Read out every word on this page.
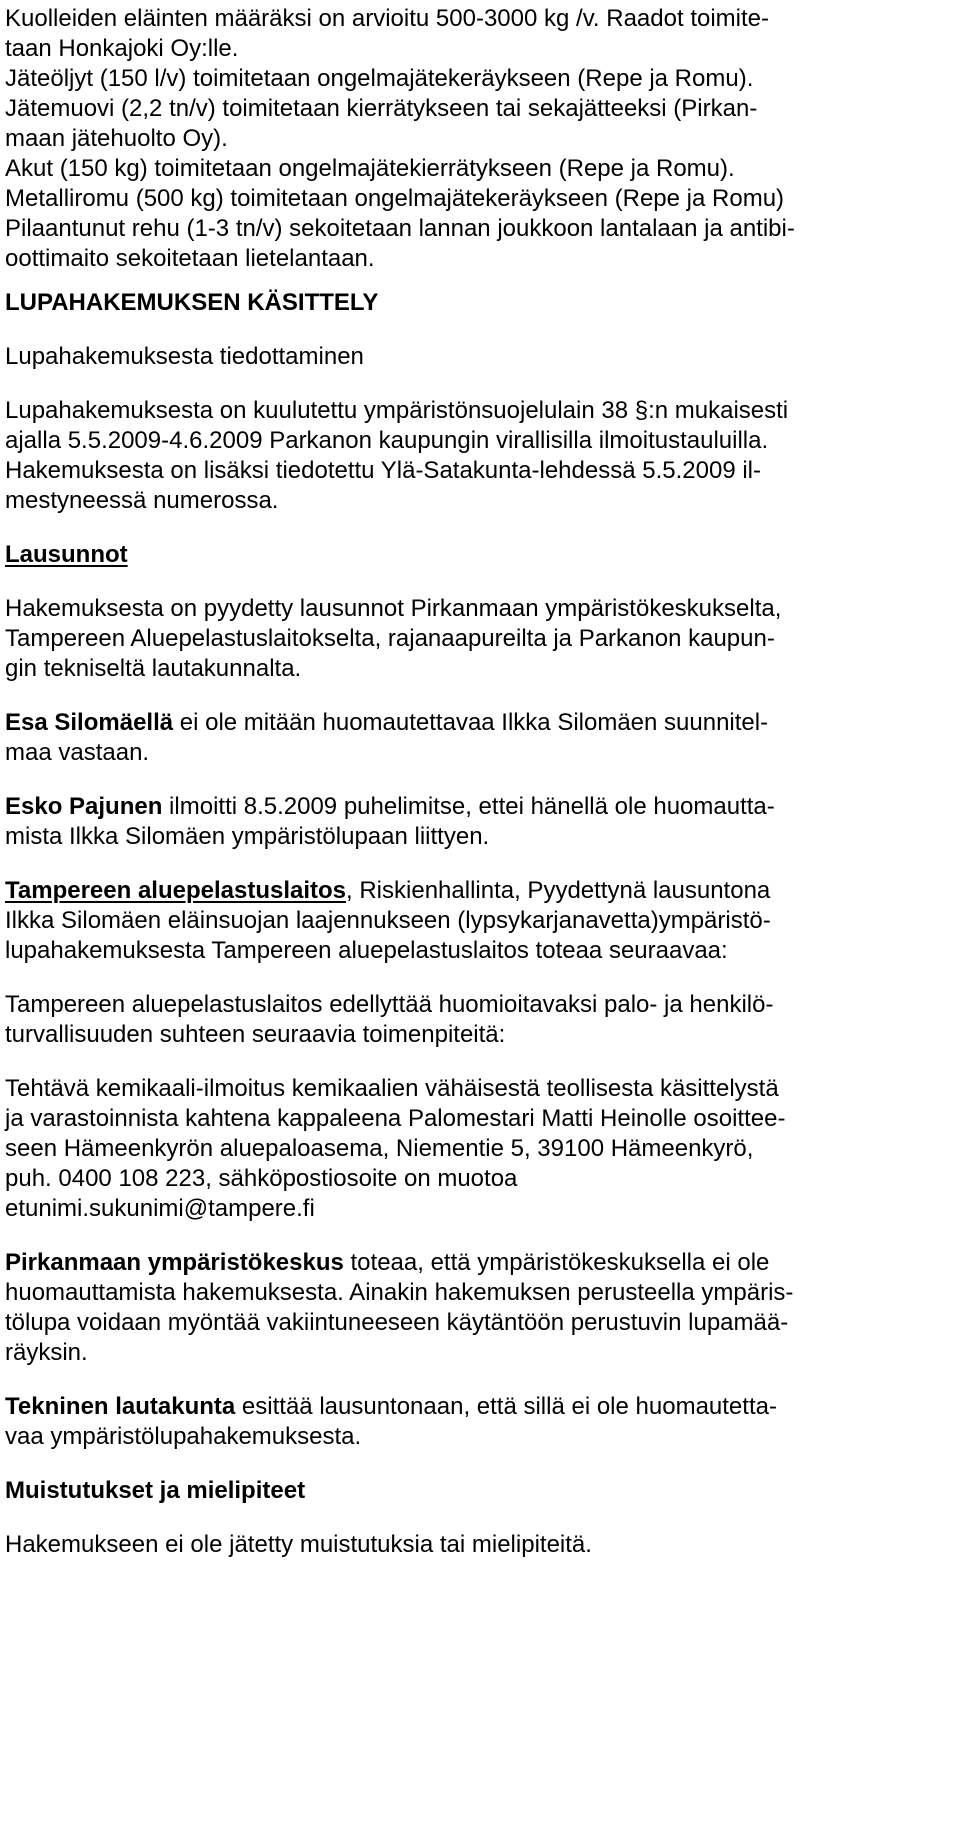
Kuolleiden eläinten määräksi on arvioitu 500-3000 kg /v. Raadot toimite-

taan Honkajoki Oy:lle.

Jäteöljyt (150 l/v) toimitetaan ongelmajätekeräykseen (Repe ja Romu).

Jätemuovi (2,2 tn/v) toimitetaan kierrätykseen tai sekajätteeksi (Pirkan-

maan jätehuolto Oy).

Akut (150 kg) toimitetaan ongelmajätekierrätykseen (Repe ja Romu).

Metalliromu (500 kg) toimitetaan ongelmajätekeräykseen (Repe ja Romu)

Pilaantunut rehu (1-3 tn/v) sekoitetaan lannan joukkoon lantalaan ja antibi-

oottimaito sekoitetaan lietelantaan.

LUPAHAKEMUKSEN KÄSITTELY

Lupahakemuksesta tiedottaminen

Lupahakemuksesta on kuulutettu ympäristönsuojelulain 38 §:n mukaisesti

ajalla 5.5.2009-4.6.2009 Parkanon kaupungin virallisilla ilmoitustauluilla.

Hakemuksesta on lisäksi tiedotettu Ylä-Satakunta-lehdessä 5.5.2009 il-

mestyneessä numerossa.

Lausunnot

Hakemuksesta on pyydetty lausunnot Pirkanmaan ympäristökeskukselta,

Tampereen Aluepelastuslaitokselta, rajanaapureilta ja Parkanon kaupun-

gin tekniseltä lautakunnalta.

Esa Silomäellä ei ole mitään huomautettavaa Ilkka Silomäen suunnitel-

maa vastaan.

Esko Pajunen ilmoitti 8.5.2009 puhelimitse, ettei hänellä ole huomautta-

mista Ilkka Silomäen ympäristölupaan liittyen.

Tampereen aluepelastuslaitos, Riskienhallinta, Pyydettynä lausuntona

Ilkka Silomäen eläinsuojan laajennukseen (lypsykarjanavetta)ympäristö-

lupahakemuksesta Tampereen aluepelastuslaitos toteaa seuraavaa:

Tampereen aluepelastuslaitos edellyttää huomioitavaksi palo- ja henkilö-

turvallisuuden suhteen seuraavia toimenpiteitä:

Tehtävä kemikaali-ilmoitus kemikaalien vähäisestä teollisesta käsittelystä

ja varastoinnista kahtena kappaleena Palomestari Matti Heinolle osoittee-

seen Hämeenkyrön aluepaloasema, Niementie 5, 39100 Hämeenkyrö,

puh. 0400 108 223, sähköpostiosoite on muotoa

etunimi.sukunimi@tampere.fi

Pirkanmaan ympäristökeskus toteaa, että ympäristökeskuksella ei ole

huomauttamista hakemuksesta. Ainakin hakemuksen perusteella ympäris-

tölupa voidaan myöntää vakiintuneeseen käytäntöön perustuvin lupamää-

räyksin.

Tekninen lautakunta esittää lausuntonaan, että sillä ei ole huomautetta-

vaa ympäristölupahakemuksesta.

Muistutukset ja mielipiteet

Hakemukseen ei ole jätetty muistutuksia tai mielipiteitä.
